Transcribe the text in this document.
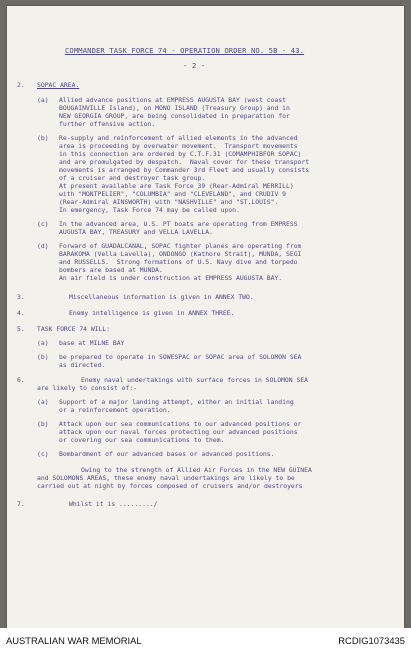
COMMANDER TASK FORCE 74 - OPERATION ORDER NO. 5B - 43.

- 2 -

2.

SOPAC AREA.

(a)

Allied advance positions at EMPRESS AUGUSTA BAY (west coast

BOUGAINVILLE Island), on MONO ISLAND (Treasury Group) and in

NEW GEORGIA GROUP, are being consolidated in preparation for

further offensive action.

(b)

Re-supply and reinforcement of allied elements in the advanced

area is proceeding by overwater movement.  Transport movements

in this connection are ordered by C.T.F.31 (COMAMPHIBFOR SOPAC)

and are promulgated by despatch.  Naval cover for these transport

movements is arranged by Commander 3rd Fleet and usually consists

of a cruiser and destroyer task group.

At present available are Task Force 39 (Rear-Admiral MERRILL)

with "MONTPELIER", "COLUMBIA" and "CLEVELAND", and CRUDIV 9

(Rear-Admiral AINSWORTH) with "NASHVILLE" and "ST.LOUIS".

In emergency, Task Force 74 may be called upon.

(c)

In the advanced area, U.S. PT boats are operating from EMPRESS

AUGUSTA BAY, TREASURY and VELLA LAVELLA.

(d)

Forward of GUADALCANAL, SOPAC fighter planes are operating from

BARAKOMA (Vella Lavella), ONDONGO (Kathore Strait), MUNDA, SEGI

and RUSSELLS.  Strong formations of U.S. Navy dive and torpedo

bombers are based at MUNDA.

An air field is under construction at EMPRESS AUGUSTA BAY.

3.

	Miscellaneous information is given in ANNEX TWO.

4.

	Enemy intelligence is given in ANNEX THREE.

5.

TASK FORCE 74 WILL:

(a)

base at MILNE BAY

(b)

be prepared to operate in SOWESPAC or SOPAC area of SOLOMON SEA

as directed.

6.

	Enemy naval undertakings with surface forces in SOLOMON SEA

are likely to consist of:-

(a)

Support of a major landing attempt, either an initial landing

or a reinforcement operation.

(b)

Attack upon our sea communications to our advanced positions or

attack upon our naval forces protecting our advanced positions

or covering our sea communications to them.

(c)

Bombardment of our advanced bases or advanced positions.

Owing to the strength of Allied Air Forces in the NEW GUINEA

and SOLOMONS AREAS, these enemy naval undertakings are likely to be

carried out at night by forces composed of cruisers and/or destroyers

7.

	Whilst it is ........./

AUSTRALIAN WAR MEMORIAL	RCDIG1073435
